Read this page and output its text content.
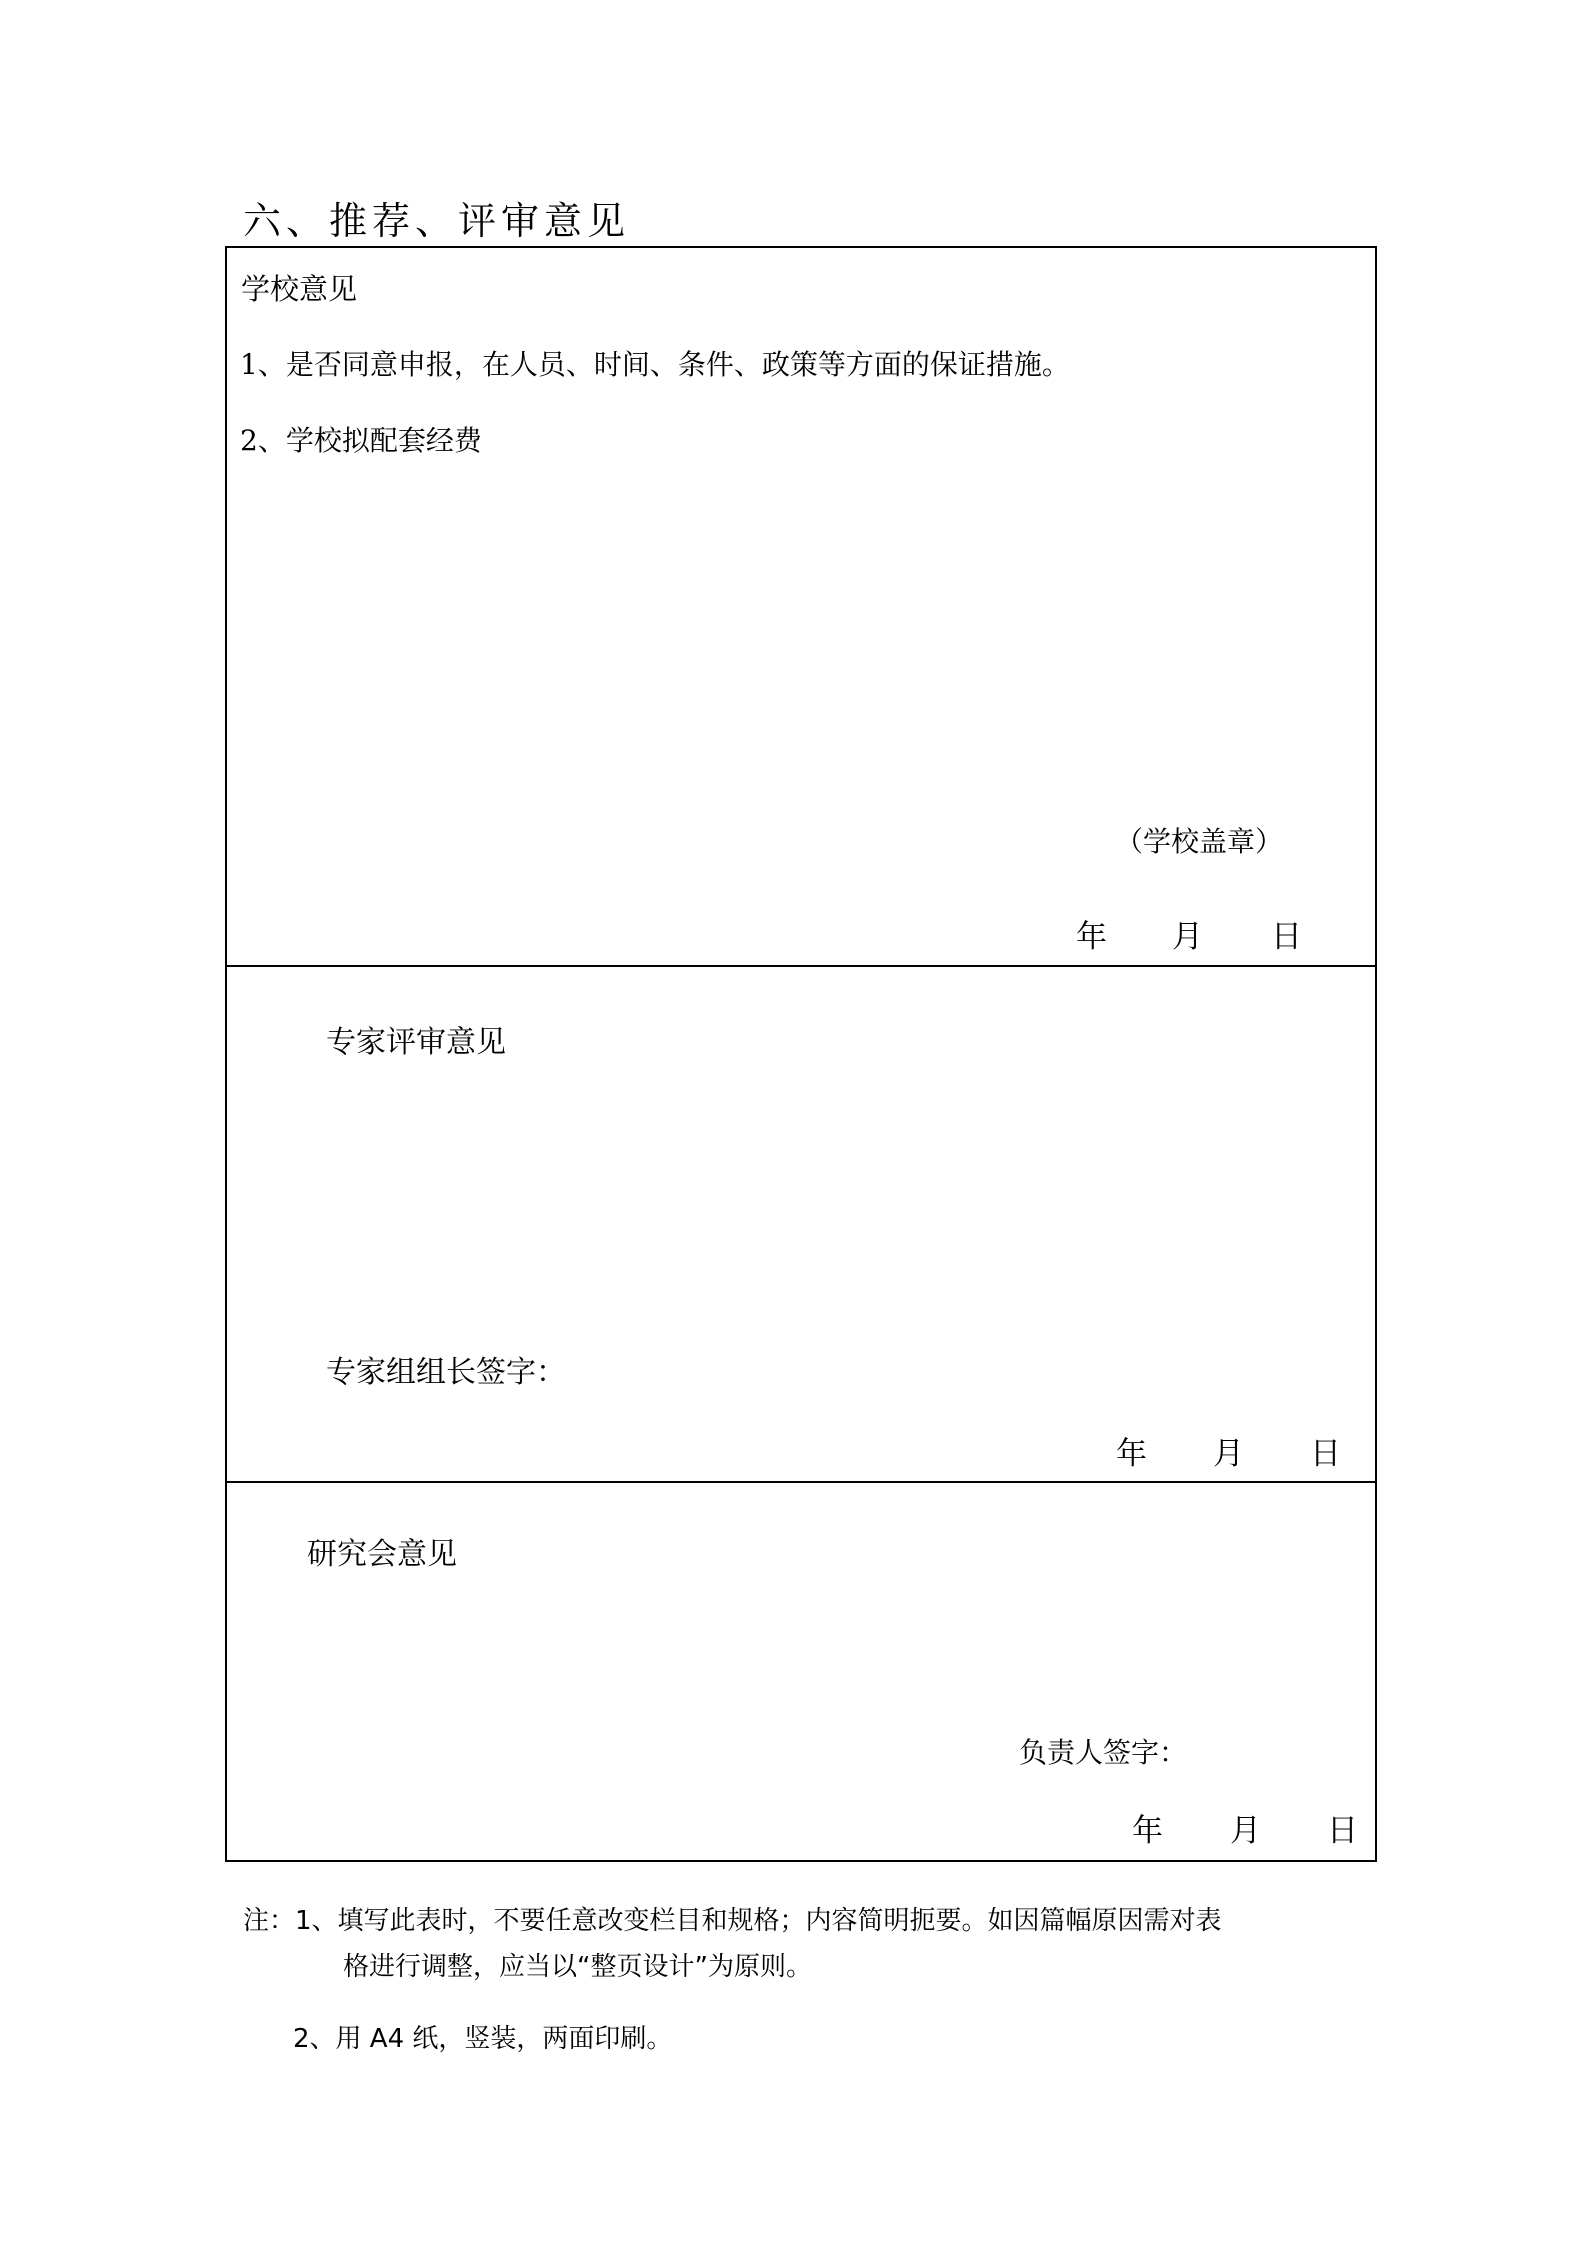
六、推荐、评审意见
学校意见
1、是否同意申报，在人员、时间、条件、政策等方面的保证措施。
2、学校拟配套经费
（学校盖章）
年 月 日
专家评审意见
专家组组长签字：
年 月 日
研究会意见
负责人签字：
年 月 日
注：1、填写此表时，不要任意改变栏目和规格；内容简明扼要。如因篇幅原因需对表
格进行调整，应当以“整页设计”为原则。
2、用 A4 纸，竖装，两面印刷。
